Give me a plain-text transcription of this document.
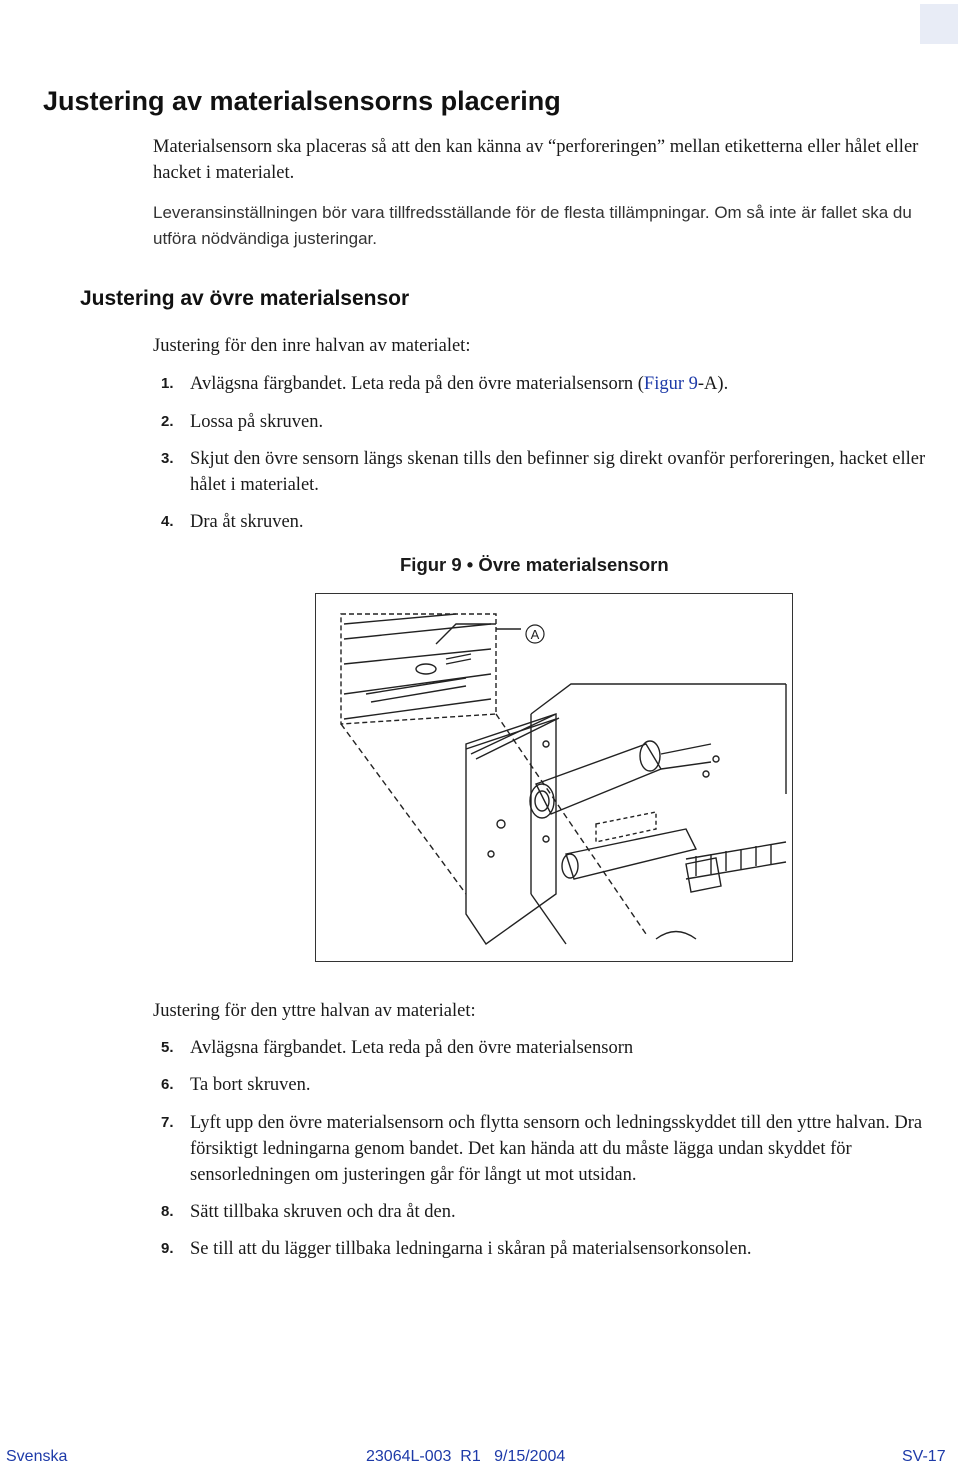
Justering av materialsensorns placering

Materialsensorn ska placeras så att den kan känna av “perforeringen” mellan etiketterna eller hålet eller hacket i materialet.

Leveransinställningen bör vara tillfredsställande för de flesta tillämpningar. Om så inte är fallet ska du utföra nödvändiga justeringar.

Justering av övre materialsensor

Justering för den inre halvan av materialet:

1. Avlägsna färgbandet. Leta reda på den övre materialsensorn (Figur 9-A).
2. Lossa på skruven.
3. Skjut den övre sensorn längs skenan tills den befinner sig direkt ovanför perforeringen, hacket eller hålet i materialet.
4. Dra åt skruven.

Figur 9 • Övre materialsensorn

A

Justering för den yttre halvan av materialet:

5. Avlägsna färgbandet. Leta reda på den övre materialsensorn
6. Ta bort skruven.
7. Lyft upp den övre materialsensorn och flytta sensorn och ledningsskyddet till den yttre halvan. Dra försiktigt ledningarna genom bandet. Det kan hända att du måste lägga undan skyddet för sensorledningen om justeringen går för långt ut mot utsidan.
8. Sätt tillbaka skruven och dra åt den.
9. Se till att du lägger tillbaka ledningarna i skåran på materialsensorkonsolen.
Svenska	23064L-003  R1   9/15/2004	SV-17
